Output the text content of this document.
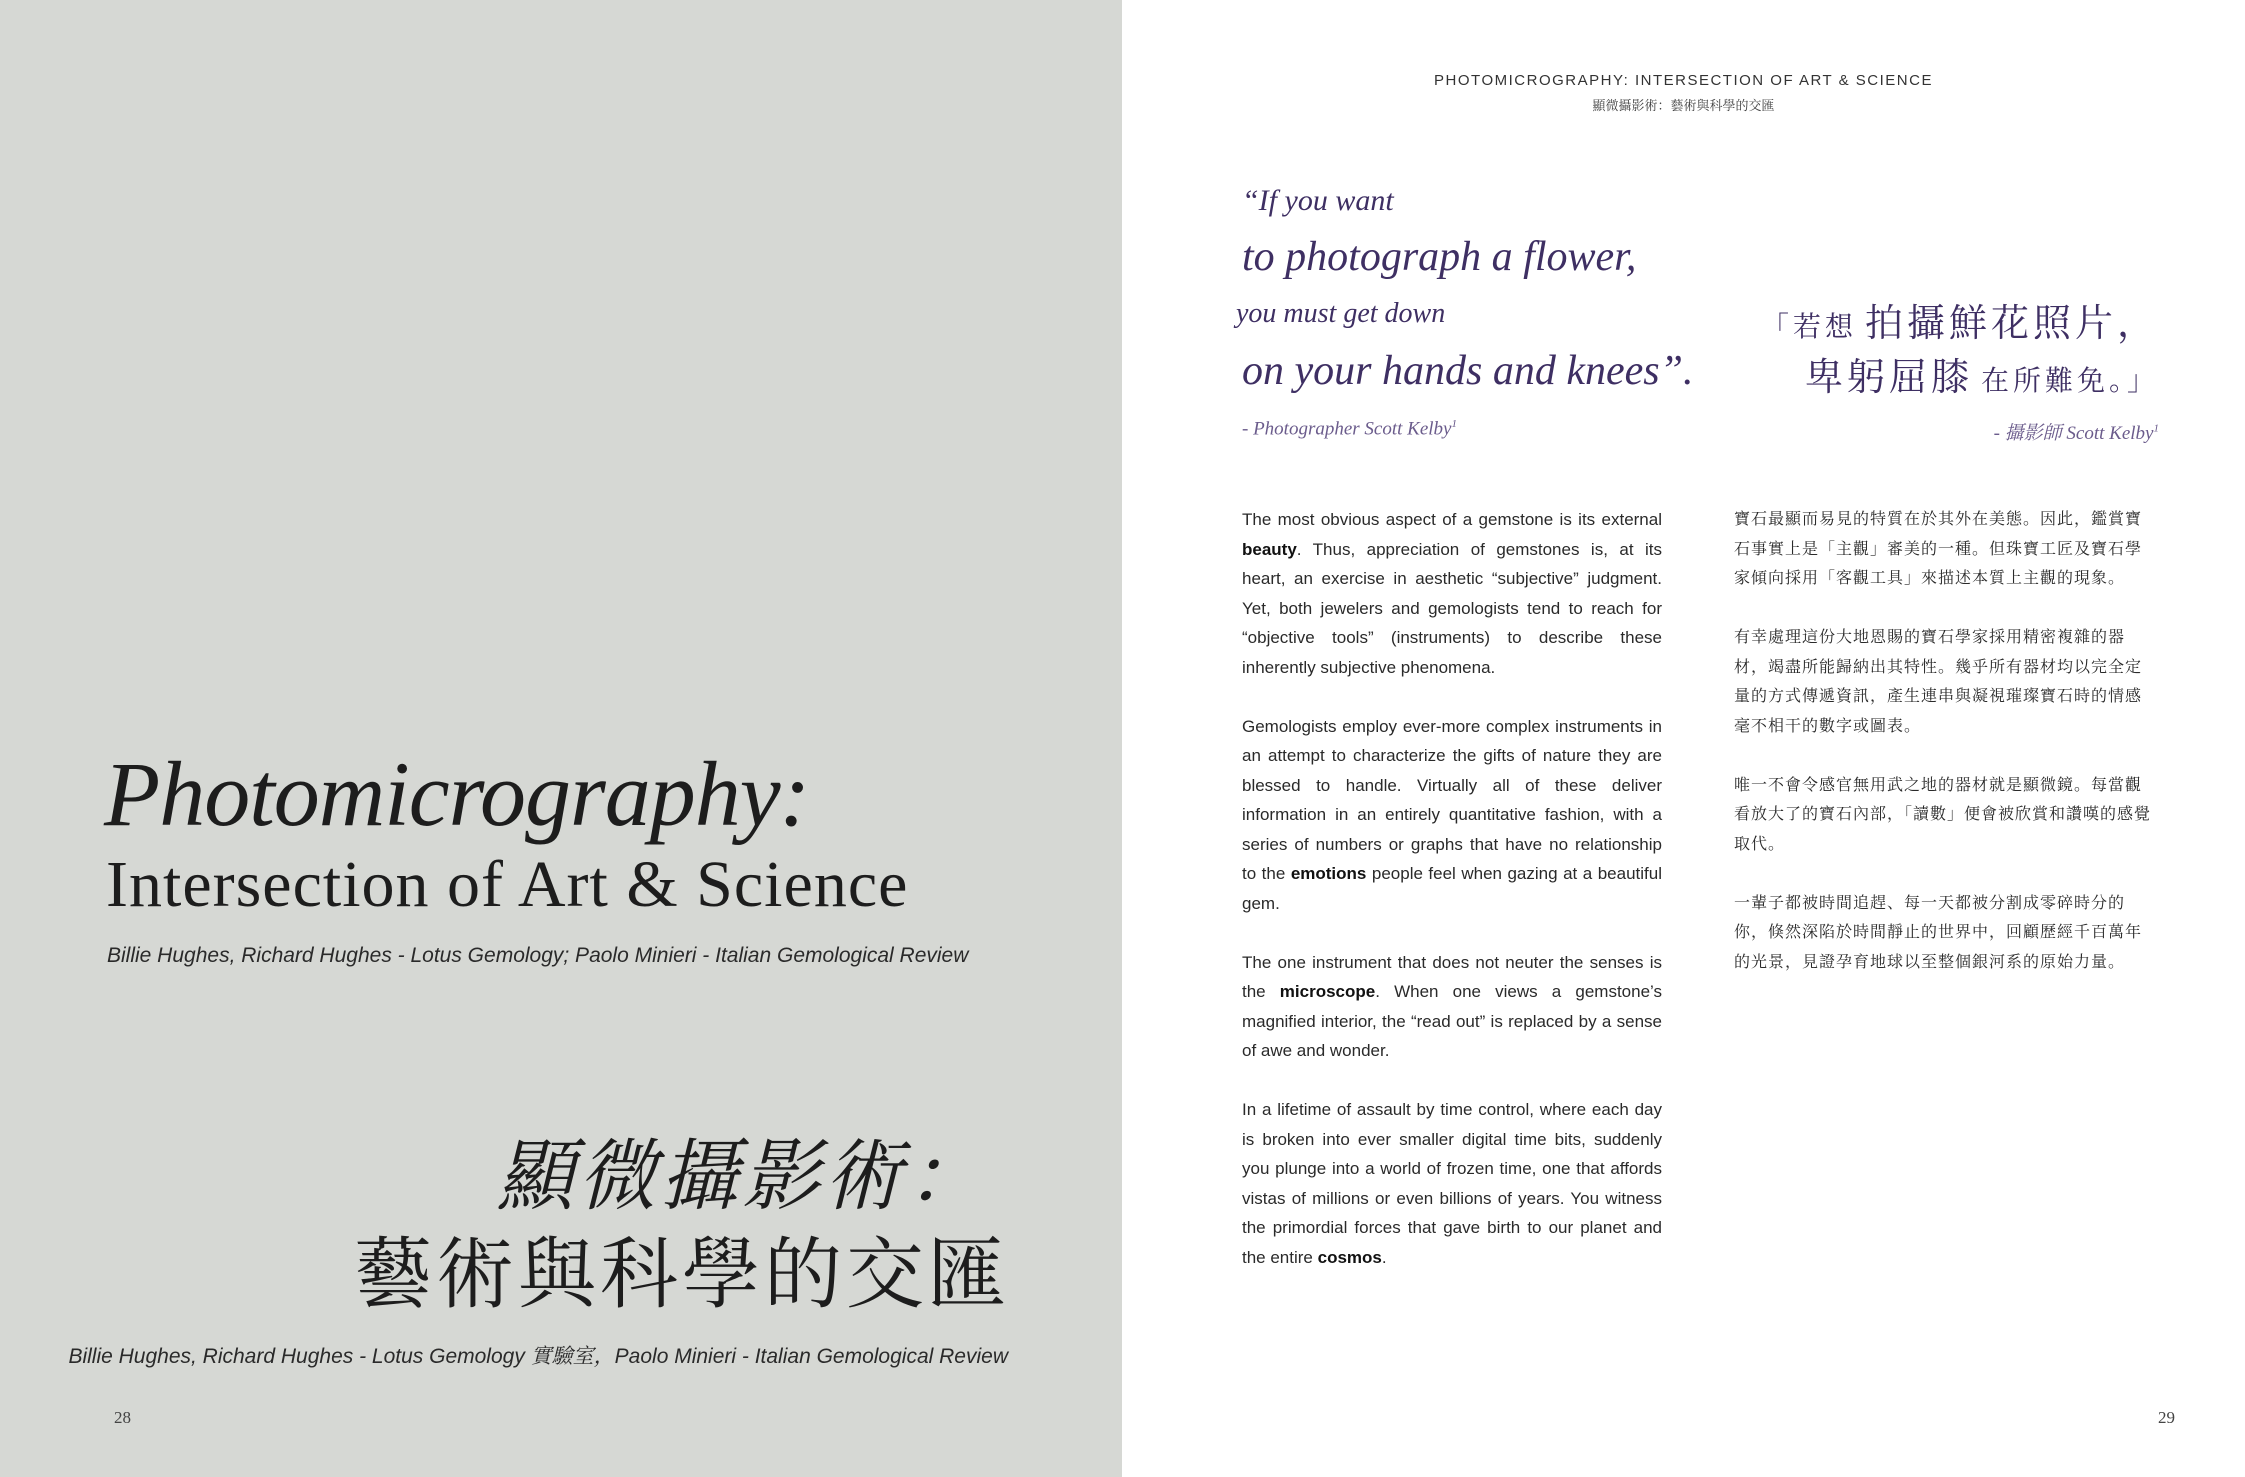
Photomicrography:
Intersection of Art & Science
Billie Hughes, Richard Hughes - Lotus Gemology; Paolo Minieri - Italian Gemological Review
顯微攝影術：
藝術與科學的交匯
Billie Hughes, Richard Hughes - Lotus Gemology 實驗室，Paolo Minieri - Italian Gemological Review
28
PHOTOMICROGRAPHY: INTERSECTION OF ART & SCIENCE
顯微攝影術：藝術與科學的交匯
“If you want
to photograph a flower,
you must get down
on your hands and knees”.
- Photographer Scott Kelby$^1$
「若想 拍攝鮮花照片，
卑躬屈膝 在所難免。」
- 攝影師 Scott Kelby$^1$

The most obvious aspect of a gemstone is its external beauty. Thus, appreciation of gemstones is, at its heart, an exercise in aesthetic “subjective” judgment. Yet, both jewelers and gemologists tend to reach for “objective tools” (instruments) to describe these inherently subjective phenomena.

Gemologists employ ever-more complex instruments in an attempt to characterize the gifts of nature they are blessed to handle. Virtually all of these deliver information in an entirely quantitative fashion, with a series of numbers or graphs that have no relationship to the emotions people feel when gazing at a beautiful gem.

The one instrument that does not neuter the senses is the microscope. When one views a gemstone’s magnified interior, the “read out” is replaced by a sense of awe and wonder.

In a lifetime of assault by time control, where each day is broken into ever smaller digital time bits, suddenly you plunge into a world of frozen time, one that affords vistas of millions or even billions of years. You witness the primordial forces that gave birth to our planet and the entire cosmos.

寶石最顯而易見的特質在於其外在美態。因此，鑑賞寶石事實上是「主觀」審美的一種。但珠寶工匠及寶石學家傾向採用「客觀工具」來描述本質上主觀的現象。

有幸處理這份大地恩賜的寶石學家採用精密複雜的器材，竭盡所能歸納出其特性。幾乎所有器材均以完全定量的方式傳遞資訊，產生連串與凝視璀璨寶石時的情感毫不相干的數字或圖表。

唯一不會令感官無用武之地的器材就是顯微鏡。每當觀看放大了的寶石內部，「讀數」便會被欣賞和讚嘆的感覺取代。

一輩子都被時間追趕、每一天都被分割成零碎時分的你，倏然深陷於時間靜止的世界中，回顧歷經千百萬年的光景，見證孕育地球以至整個銀河系的原始力量。

29
